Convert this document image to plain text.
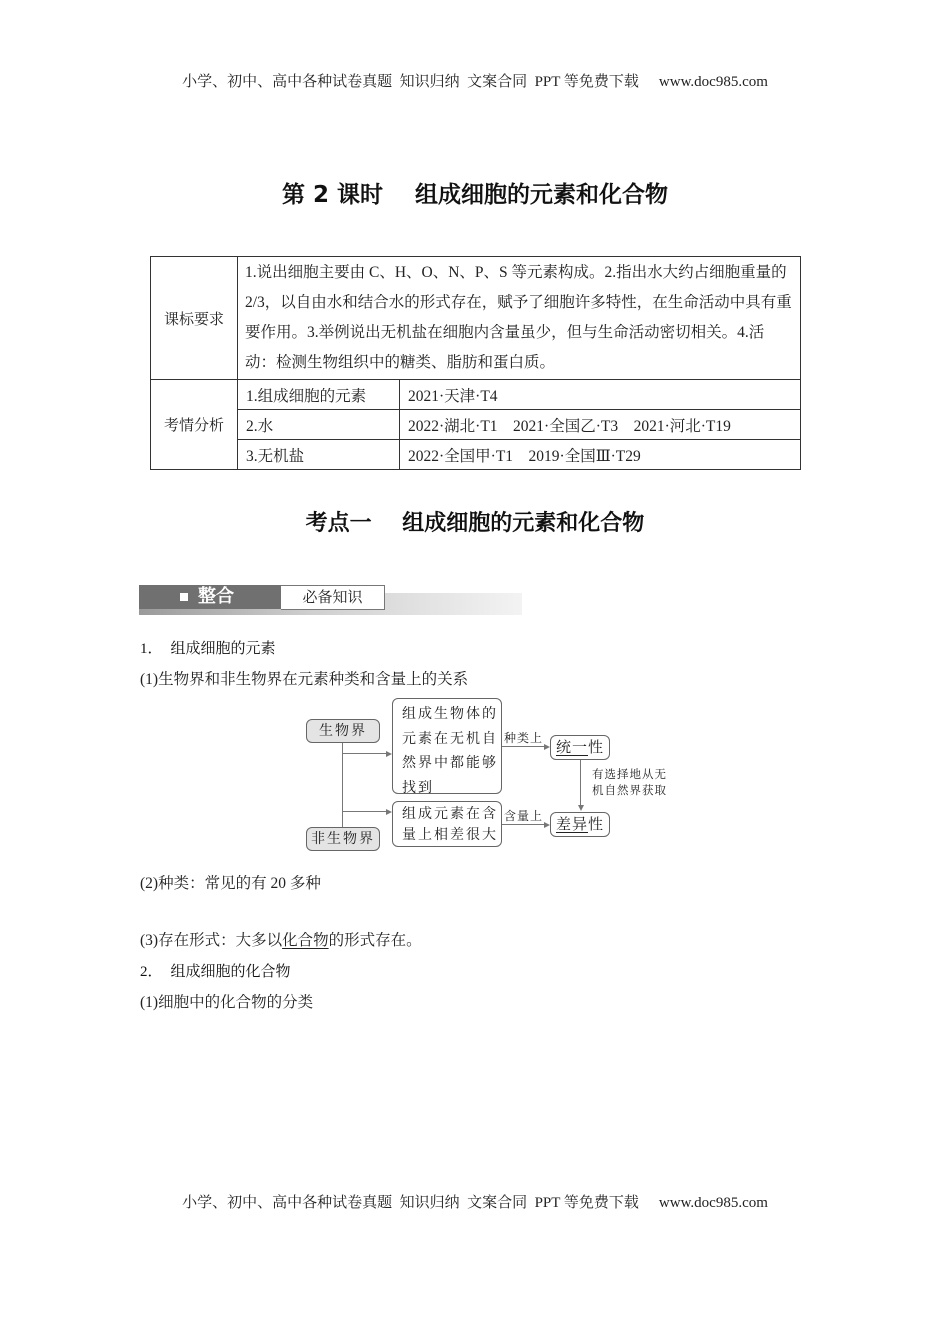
小学、初中、高中各种试卷真题  知识归纳  文案合同  PPT 等免费下载 www.doc985.com
第 2 课时    组成细胞的元素和化合物
课标要求	1.说出细胞主要由 C、H、O、N、P、S 等元素构成。2.指出水大约占细胞重量的 2/3，以自由水和结合水的形式存在，赋予了细胞许多特性，在生命活动中具有重要作用。3.举例说出无机盐在细胞内含量虽少，但与生命活动密切相关。4.活动：检测生物组织中的糖类、脂肪和蛋白质。	
考情分析	1.组成细胞的元素	2021·天津·T4
	2.水	2022·湖北·T1    2021·全国乙·T3    2021·河北·T19
	3.无机盐	2022·全国甲·T1    2019·全国Ⅲ·T29
考点一    组成细胞的元素和化合物
整合	必备知识
1． 组成细胞的元素
(1)生物界和非生物界在元素种类和含量上的关系
生物界
非生物界
组成生物体的
元素在无机自
然界中都能够
找到
组成元素在含
量上相差很大
种类上
含量上
统一性
差异性
有选择地从无
机自然界获取
(2)种类：常见的有 20 多种
(3)存在形式：大多以化合物的形式存在。
2． 组成细胞的化合物
(1)细胞中的化合物的分类
小学、初中、高中各种试卷真题  知识归纳  文案合同  PPT 等免费下载 www.doc985.com
